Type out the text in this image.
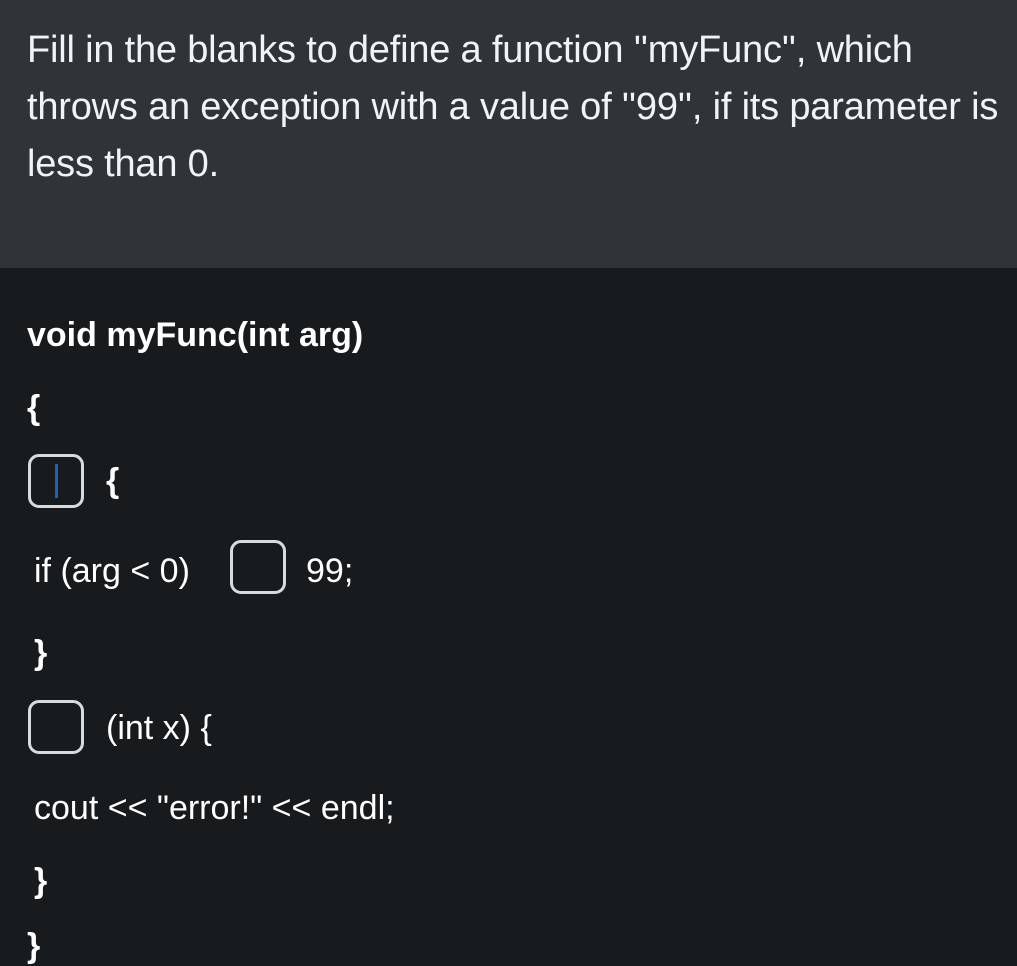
Fill in the blanks to define a function ''myFunc'', which throws an exception with a value of ''99'', if its parameter is less than 0.
void myFunc(int arg)
{
{
if (arg < 0)	99;
}
(int x) {
cout << "error!" << endl;
}
}
